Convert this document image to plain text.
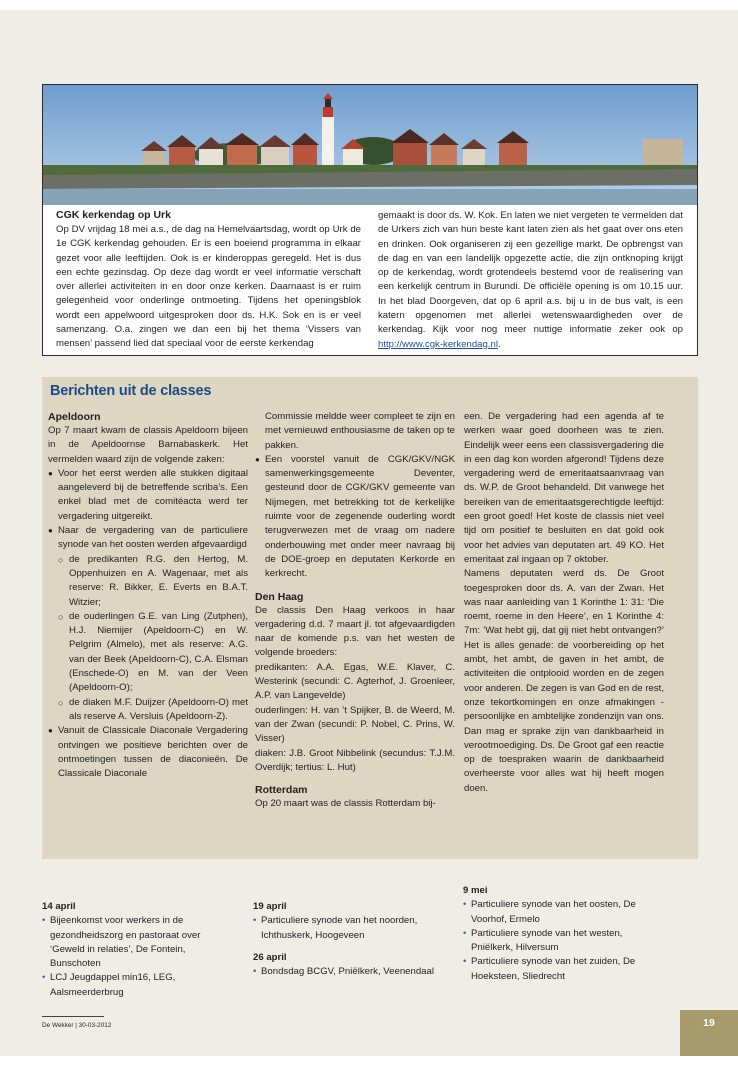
CGK kerkendag op Urk
Op DV vrijdag 18 mei a.s., de dag na Hemelvaartsdag, wordt op Urk de 1e CGK kerkendag gehouden. Er is een boeiend programma in elkaar gezet voor alle leeftijden. Ook is er kinderoppas geregeld. Het is dus een echte gezinsdag. Op deze dag wordt er veel informatie verschaft over allerlei activiteiten in en door onze kerken. Daarnaast is er ruim gelegenheid voor onderlinge ontmoeting. Tijdens het openingsblok wordt een appelwoord uitgesproken door ds. H.K. Sok en is er veel samenzang. O.a. zingen we dan een bij het thema ‘Vissers van mensen’ passend lied dat speciaal voor de eerste kerkendag
gemaakt is door ds. W. Kok. En laten we niet vergeten te vermelden dat de Urkers zich van hun beste kant laten zien als het gaat over ons eten en drinken. Ook organiseren zij een gezellige markt. De opbrengst van de dag en van een landelijk opgezette actie, die zijn ontknoping krijgt op de kerkendag, wordt grotendeels bestemd voor de realisering van een kerkelijk centrum in Burundi. De officiële opening is om 10.15 uur. In het blad Doorgeven, dat op 6 april a.s. bij u in de bus valt, is een katern opgenomen met allerlei wetenswaardigheden over de kerkendag. Kijk voor nog meer nuttige informatie zeker ook op http://www.cgk-kerkendag.nl.
Berichten uit de classes
Apeldoorn
Op 7 maart kwam de classis Apeldoorn bijeen in de Apeldoornse Barnabaskerk. Het vermelden waard zijn de volgende zaken:
● Voor het eerst werden alle stukken digitaal aangeleverd bij de betreffende scriba’s. Een enkel blad met de comitéacta werd ter vergadering uitgereikt.
● Naar de vergadering van de particuliere synode van het oosten werden afgevaardigd
○ de predikanten R.G. den Hertog, M. Oppenhuizen en A. Wagenaar, met als reserve: R. Bikker, E. Everts en B.A.T. Witzier;
○ de ouderlingen G.E. van Ling (Zutphen), H.J. Niemijer (Apeldoorn-C) en W. Pelgrim (Almelo), met als reserve: A.G. van der Beek (Apeldoorn-C), C.A. Elsman (Enschede-O) en M. van der Veen (Apeldoorn-O);
○ de diaken M.F. Duijzer (Apeldoorn-O) met als reserve A. Versluis (Apeldoorn-Z).
● Vanuit de Classicale Diaconale Vergadering ontvingen we positieve berichten over de ontmoetingen tussen de diaconieën. De Classicale Diaconale
Commissie meldde weer compleet te zijn en met vernieuwd enthousiasme de taken op te pakken.
● Een voorstel vanuit de CGK/GKV/NGK samenwerkingsgemeente Deventer, gesteund door de CGK/GKV gemeente van Nijmegen, met betrekking tot de kerkelijke ruimte voor de zegenende ouderling wordt terugverwezen met de vraag om nadere onderbouwing met onder meer navraag bij de DOE-groep en deputaten Kerkorde en kerkrecht.
Den Haag
De classis Den Haag verkoos in haar vergadering d.d. 7 maart jl. tot afgevaardigden naar de komende p.s. van het westen de volgende broeders:
predikanten: A.A. Egas, W.E. Klaver, C. Westerink (secundi: C. Agterhof, J. Groenleer, A.P. van Langevelde)
ouderlingen: H. van ’t Spijker, B. de Weerd, M. van der Zwan (secundi: P. Nobel, C. Prins, W. Visser)
diaken: J.B. Groot Nibbelink (secundus: T.J.M. Overdijk; tertius: L. Hut)
Rotterdam
Op 20 maart was de classis Rotterdam bij-
een. De vergadering had een agenda af te werken waar goed doorheen was te zien. Eindelijk weer eens een classisvergadering die in een dag kon worden afgerond! Tijdens deze vergadering werd de emeritaatsaanvraag van ds. W.P. de Groot behandeld. Dit vanwege het bereiken van de emeritaatsgerechtigde leeftijd: een groot goed! Het koste de classis niet veel tijd om positief te besluiten en dat gold ook voor het advies van deputaten art. 49 KO. Het emeritaat zal ingaan op 7 oktober.
Namens deputaten werd ds. De Groot toegesproken door ds. A. van der Zwan. Het was naar aanleiding van 1 Korinthe 1: 31: ‘Die roemt, roeme in den Heere’, en 1 Korinthe 4: 7m: ‘Wat hebt gij, dat gij niet hebt ontvangen?’ Het is alles genade: de voorbereiding op het ambt, het ambt, de gaven in het ambt, de activiteiten die ontplooid worden en de zegen voor anderen. De zegen is van God en de rest, onze tekortkomingen en onze afmakingen -persoonlijke en ambtelijke zondenzijn van ons. Dan mag er sprake zijn van dankbaarheid in verootmoediging. Ds. De Groot gaf een reactie op de toespraken waarin de dankbaarheid overheerste voor alles wat hij heeft mogen doen.
14 april
• Bijeenkomst voor werkers in de gezondheidszorg en pastoraat over ‘Geweld in relaties’, De Fontein, Bunschoten
• LCJ Jeugdappel min16, LEG, Aalsmeerderbrug
19 april
• Particuliere synode van het noorden, Ichthuskerk, Hoogeveen
26 april
• Bondsdag BCGV, Pniëlkerk, Veenendaal
9 mei
• Particuliere synode van het oosten, De Voorhof, Ermelo
• Particuliere synode van het westen, Pniëlkerk, Hilversum
• Particuliere synode van het zuiden, De Hoeksteen, Sliedrecht
De Wekker | 30-03-2012	19
